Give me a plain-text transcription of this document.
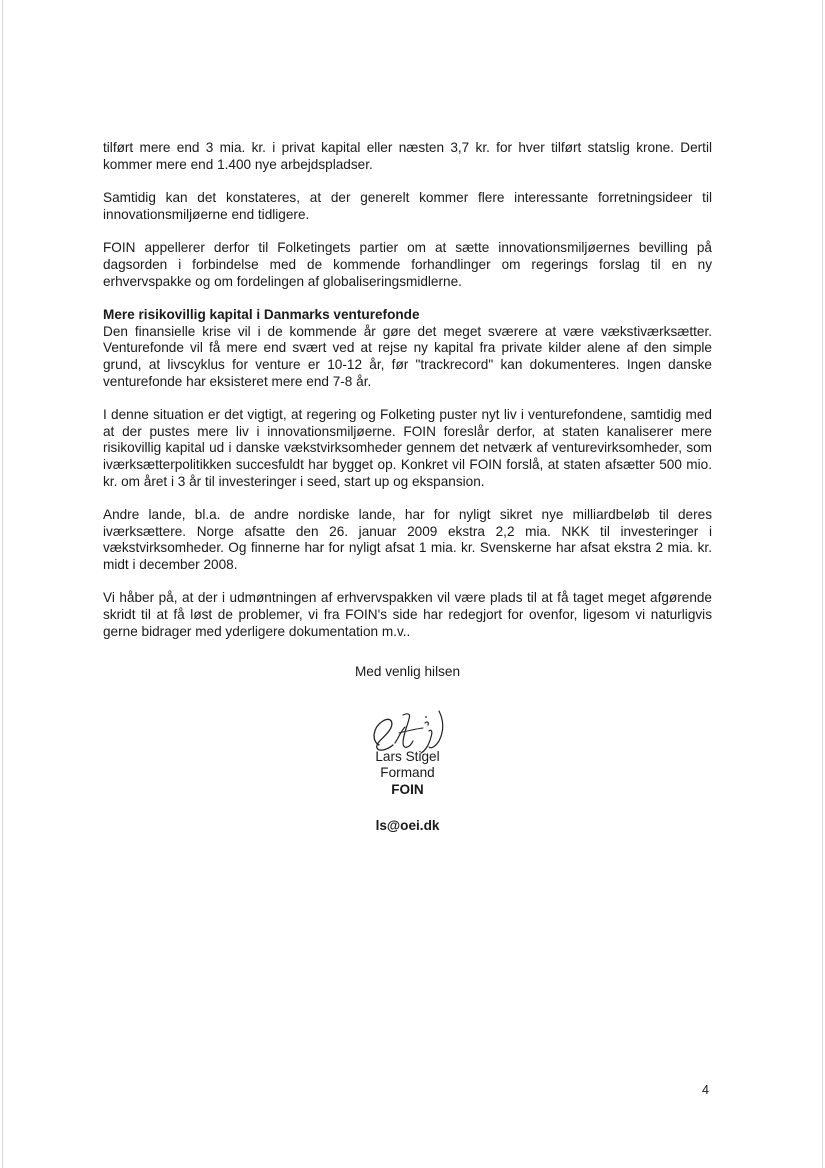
tilført mere end 3 mia. kr. i privat kapital eller næsten 3,7 kr. for hver tilført statslig krone. Dertil kommer mere end 1.400 nye arbejdspladser.

Samtidig kan det konstateres, at der generelt kommer flere interessante forretningsideer til innovationsmiljøerne end tidligere.

FOIN appellerer derfor til Folketingets partier om at sætte innovationsmiljøernes bevilling på dagsorden i forbindelse med de kommende forhandlinger om regerings forslag til en ny erhvervspakke og om fordelingen af globaliseringsmidlerne.

Mere risikovillig kapital i Danmarks venturefonde

Den finansielle krise vil i de kommende år gøre det meget sværere at være vækstiværksætter. Venturefonde vil få mere end svært ved at rejse ny kapital fra private kilder alene af den simple grund, at livscyklus for venture er 10-12 år, før "trackrecord" kan dokumenteres. Ingen danske venturefonde har eksisteret mere end 7-8 år.

I denne situation er det vigtigt, at regering og Folketing puster nyt liv i venturefondene, samtidig med at der pustes mere liv i innovationsmiljøerne. FOIN foreslår derfor, at staten kanaliserer mere risikovillig kapital ud i danske vækstvirksomheder gennem det netværk af venturevirksomheder, som iværksætterpolitikken succesfuldt har bygget op. Konkret vil FOIN forslå, at staten afsætter 500 mio. kr. om året i 3 år til investeringer i seed, start up og ekspansion.

Andre lande, bl.a. de andre nordiske lande, har for nyligt sikret nye milliardbeløb til deres iværksættere. Norge afsatte den 26. januar 2009 ekstra 2,2 mia. NKK til investeringer i vækstvirksomheder. Og finnerne har for nyligt afsat 1 mia. kr. Svenskerne har afsat ekstra 2 mia. kr. midt i december 2008.

Vi håber på, at der i udmøntningen af erhvervspakken vil være plads til at få taget meget afgørende skridt til at få løst de problemer, vi fra FOIN's side har redegjort for ovenfor, ligesom vi naturligvis gerne bidrager med yderligere dokumentation m.v..

Med venlig hilsen
Lars Stigel
Formand
FOIN
ls@oei.dk
4
